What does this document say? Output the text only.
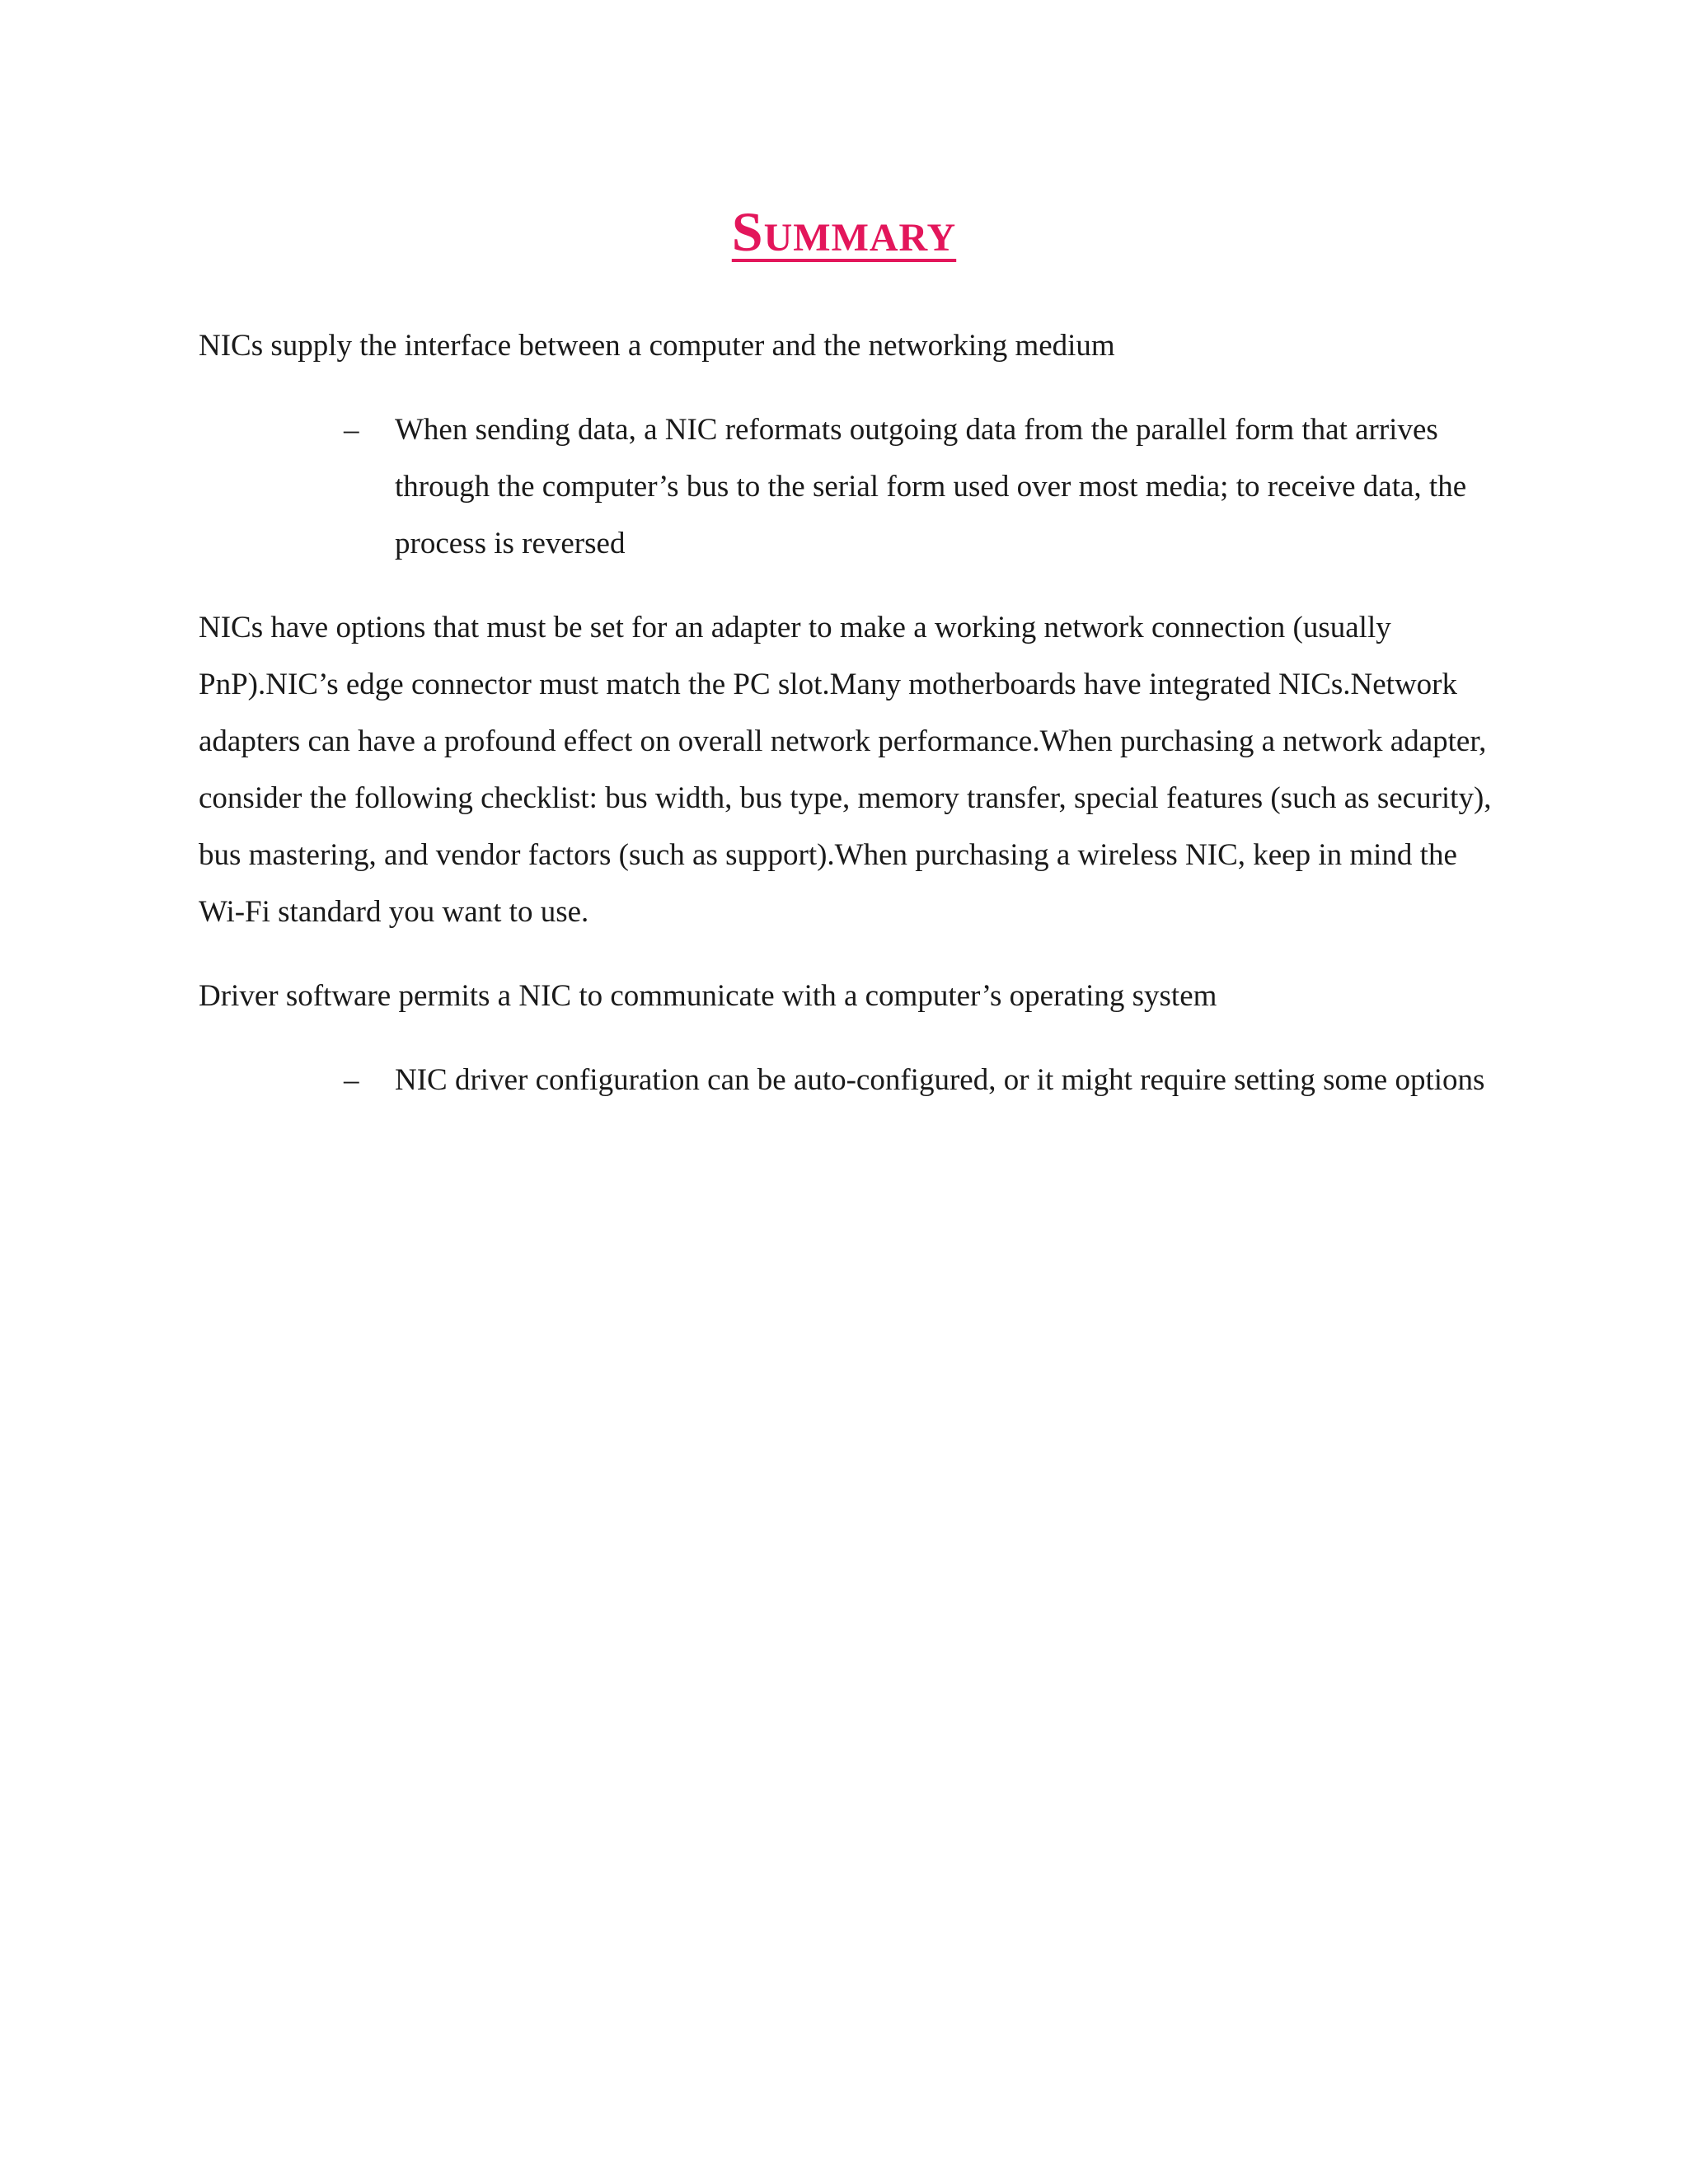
Summary

NICs supply the interface between a computer and the networking medium

– When sending data, a NIC reformats outgoing data from the parallel form that arrives through the computer’s bus to the serial form used over most media; to receive data, the process is reversed

NICs have options that must be set for an adapter to make a working network connection (usually PnP).NIC’s edge connector must match the PC slot.Many motherboards have integrated NICs.Network adapters can have a profound effect on overall network performance.When purchasing a network adapter, consider the following checklist: bus width, bus type, memory transfer, special features (such as security), bus mastering, and vendor factors (such as support).When purchasing a wireless NIC, keep in mind the Wi-Fi standard you want to use.

Driver software permits a NIC to communicate with a computer’s operating system

– NIC driver configuration can be auto-configured, or it might require setting some options
